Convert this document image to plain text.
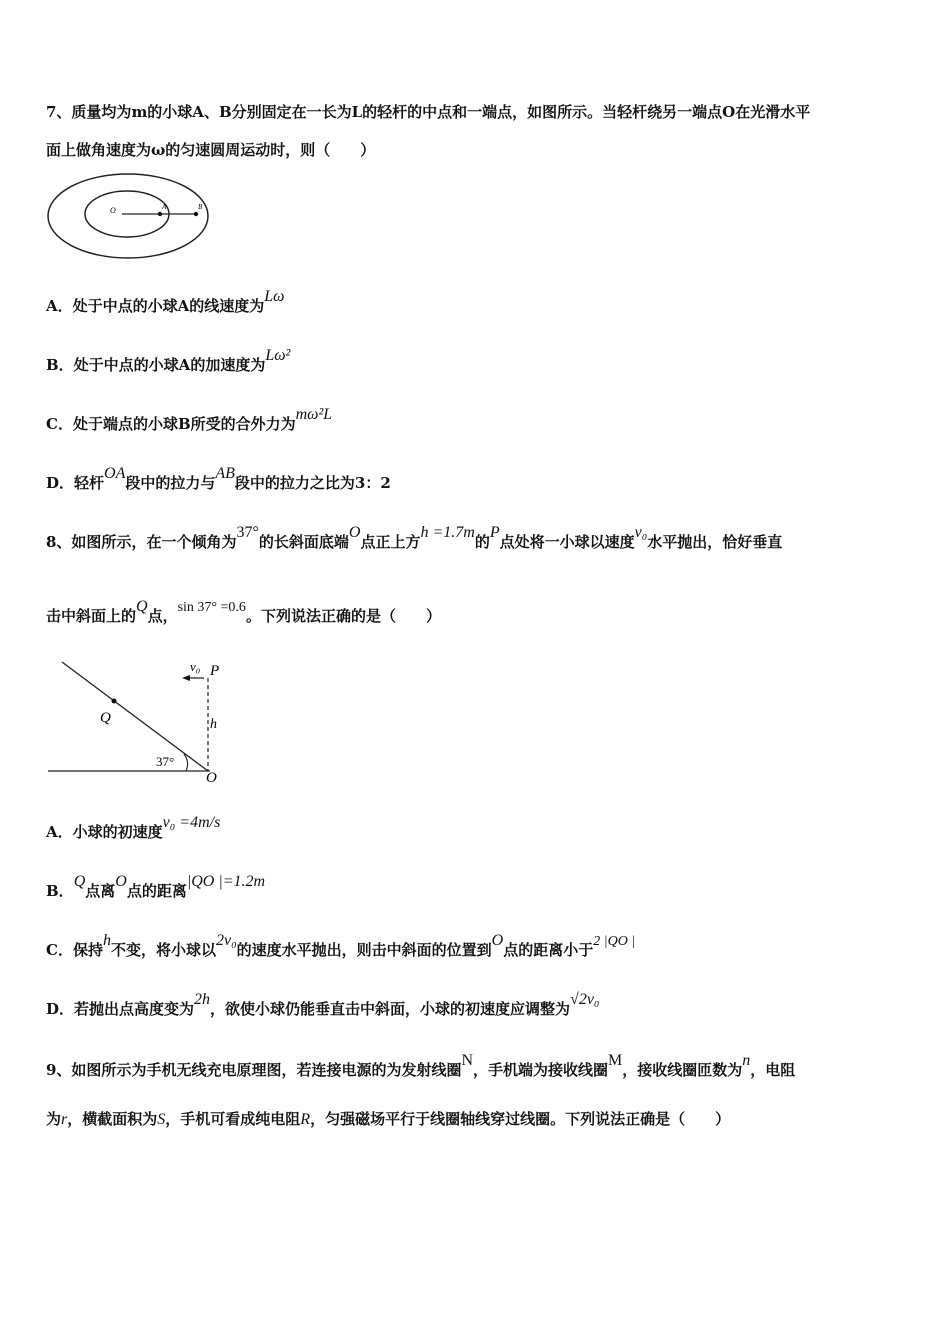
7、质量均为m的小球A、B分别固定在一长为L的轻杆的中点和一端点，如图所示。当轻杆绕另一端点O在光滑水平
面上做角速度为ω的匀速圆周运动时，则（　　）
O	A	B
A．处于中点的小球A的线速度为Lω
B．处于中点的小球A的加速度为Lω²
C．处于端点的小球B所受的合外力为mω²L
D．轻杆OA段中的拉力与AB段中的拉力之比为3：2
8、如图所示，在一个倾角为37°的长斜面底端O点正上方h =1.7m的P点处将一小球以速度v₀水平抛出，恰好垂直
击中斜面上的Q点，sin 37° =0.6。下列说法正确的是（　　）
v₀ P
Q	h
37°
O
A．小球的初速度v₀ =4m/s
B．Q点离O点的距离|QO |=1.2m
C．保持h不变，将小球以2v₀的速度水平抛出，则击中斜面的位置到O点的距离小于2 |QO |
D．若抛出点高度变为2h，欲使小球仍能垂直击中斜面，小球的初速度应调整为√2v₀
9、如图所示为手机无线充电原理图，若连接电源的为发射线圈N，手机端为接收线圈M，接收线圈匝数为n，电阻
为r，横截面积为S，手机可看成纯电阻R，匀强磁场平行于线圈轴线穿过线圈。下列说法正确是（　　）
